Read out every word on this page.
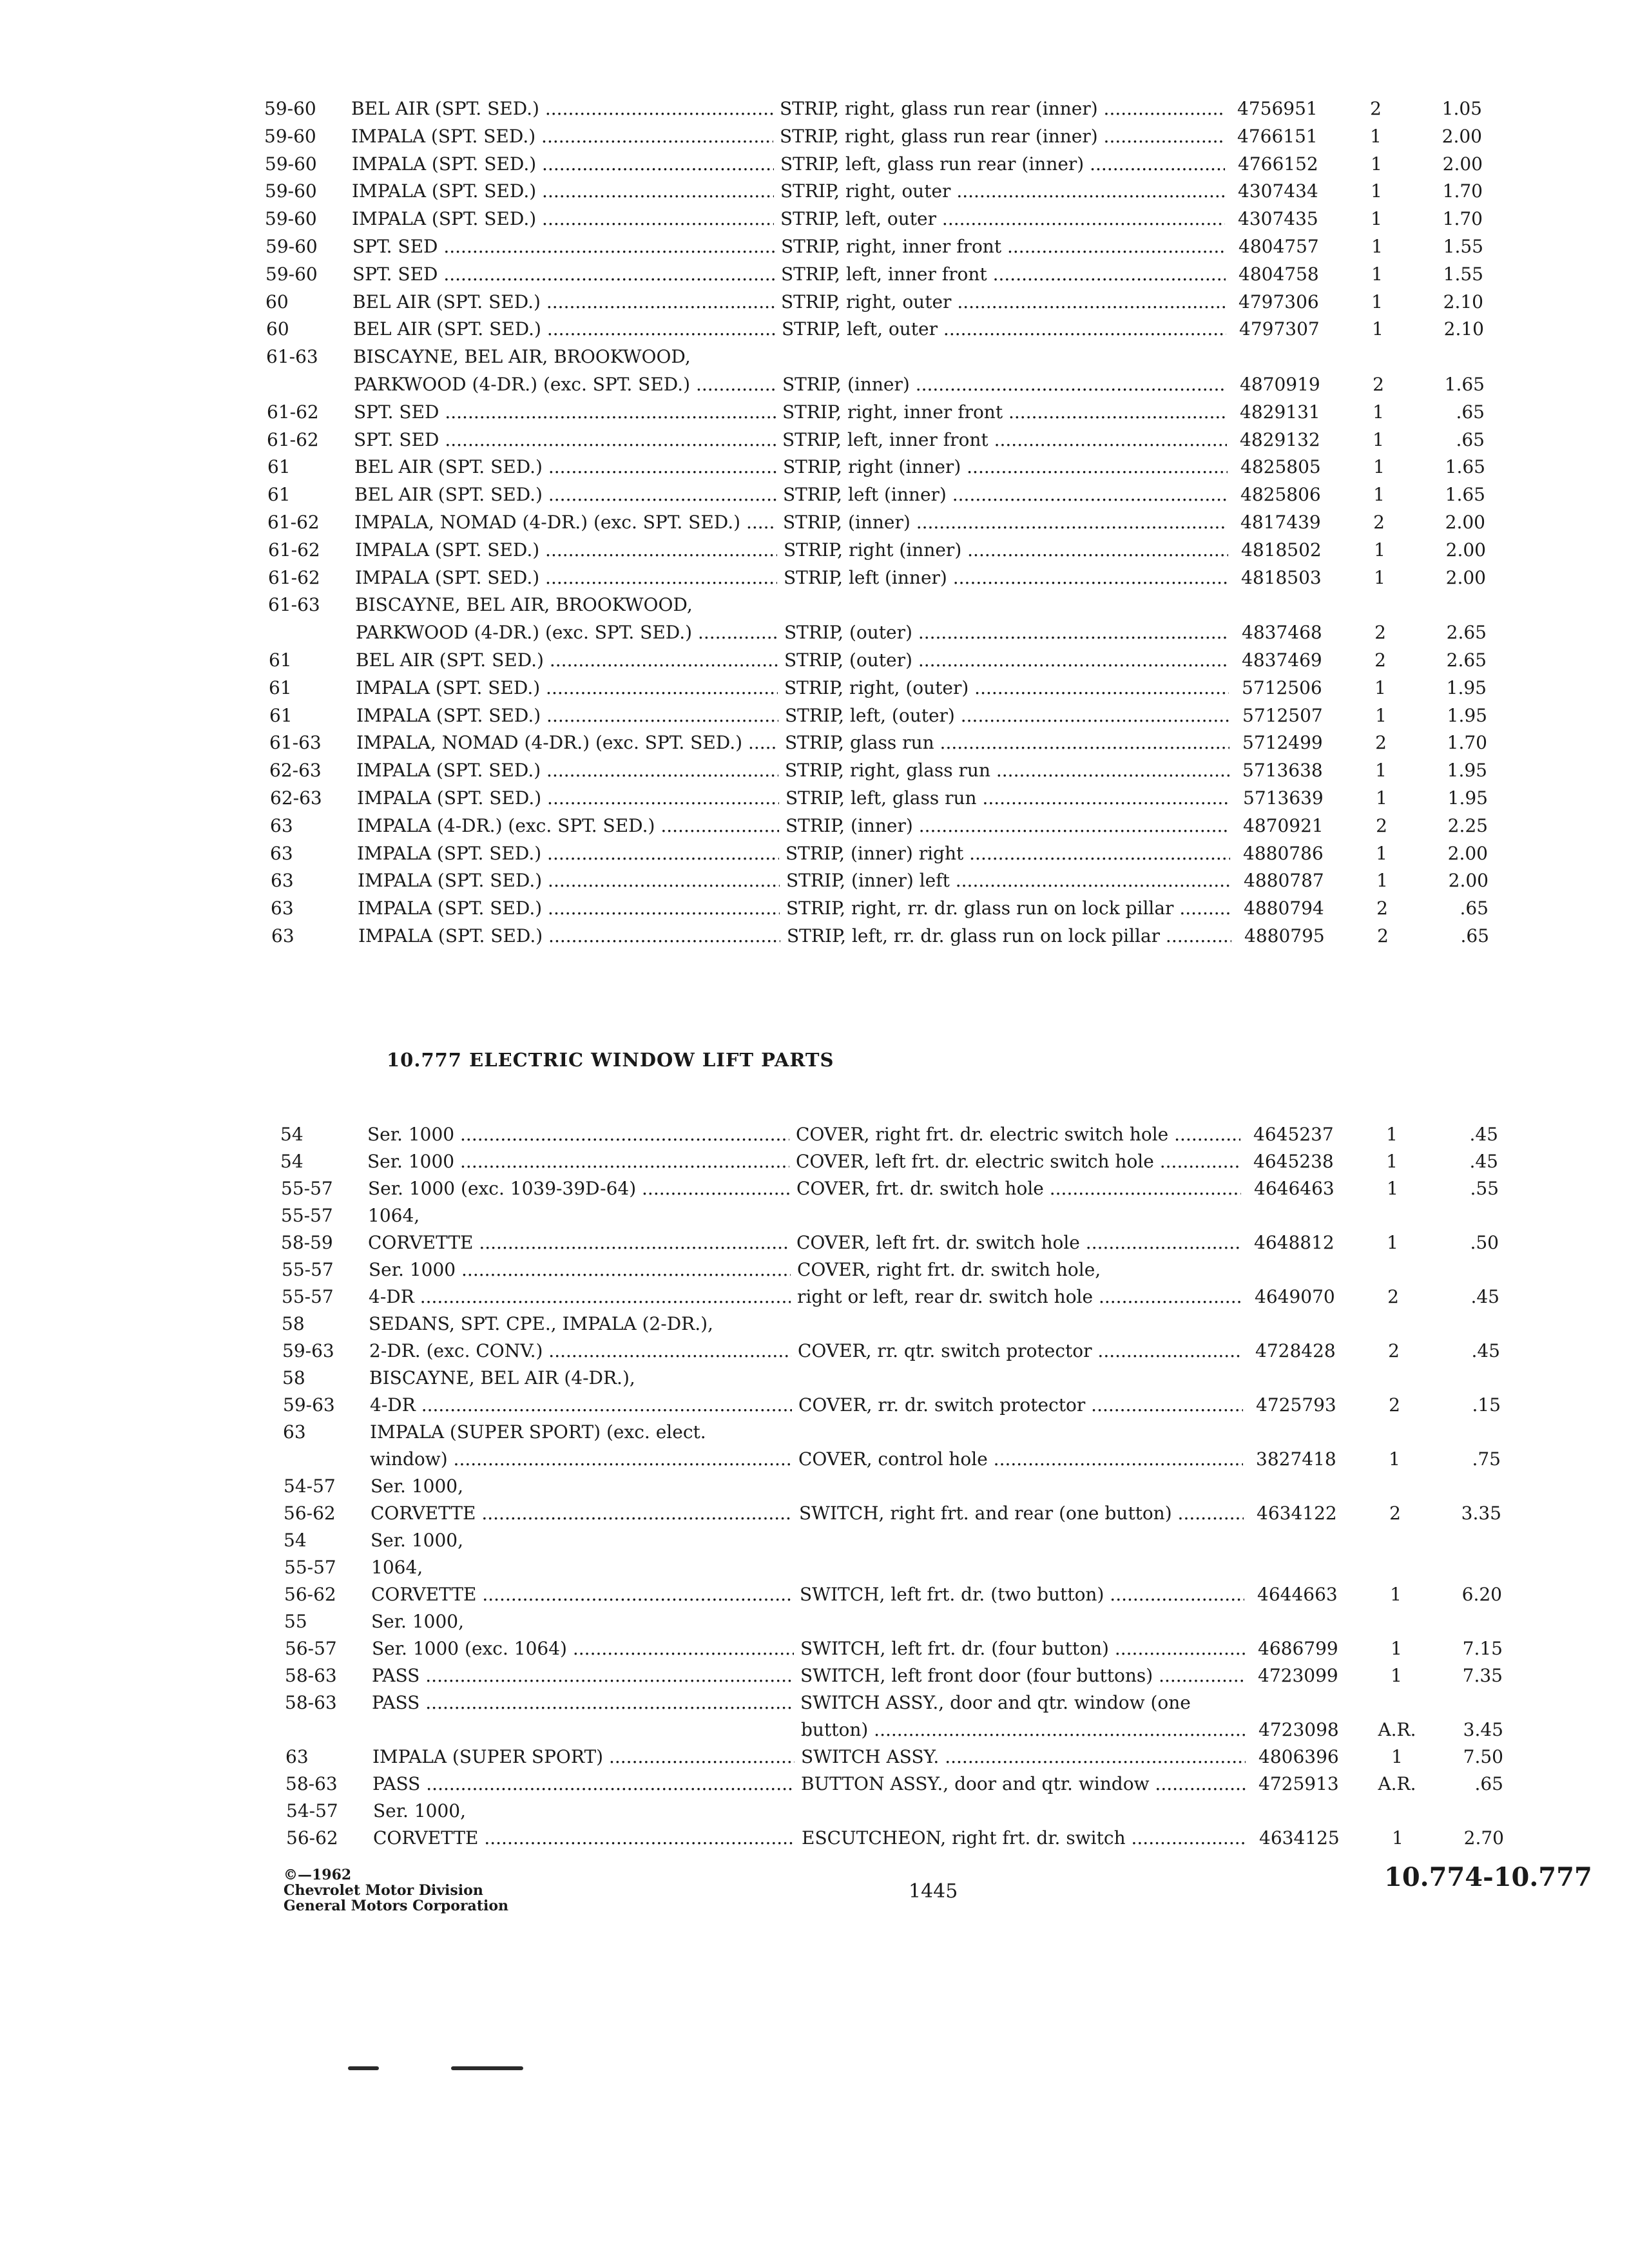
59-60	BEL AIR (SPT. SED.) .....	STRIP, right, glass run rear (inner) .....	4756951	2	1.05
59-60	IMPALA (SPT. SED.) .....	STRIP, right, glass run rear (inner) .....	4766151	1	2.00
59-60	IMPALA (SPT. SED.) .....	STRIP, left, glass run rear (inner) .....	4766152	1	2.00
59-60	IMPALA (SPT. SED.) .....	STRIP, right, outer .....	4307434	1	1.70
59-60	IMPALA (SPT. SED.) .....	STRIP, left, outer .....	4307435	1	1.70
59-60	SPT. SED .....	STRIP, right, inner front .....	4804757	1	1.55
59-60	SPT. SED .....	STRIP, left, inner front .....	4804758	1	1.55
60	BEL AIR (SPT. SED.) .....	STRIP, right, outer .....	4797306	1	2.10
60	BEL AIR (SPT. SED.) .....	STRIP, left, outer .....	4797307	1	2.10
61-63	BISCAYNE, BEL AIR, BROOKWOOD,
PARKWOOD (4-DR.) (exc. SPT. SED.) .....	STRIP, (inner) .....	4870919	2	1.65
61-62	SPT. SED .....	STRIP, right, inner front .....	4829131	1	.65
61-62	SPT. SED .....	STRIP, left, inner front .....	4829132	1	.65
61	BEL AIR (SPT. SED.) .....	STRIP, right (inner) .....	4825805	1	1.65
61	BEL AIR (SPT. SED.) .....	STRIP, left (inner) .....	4825806	1	1.65
61-62	IMPALA, NOMAD (4-DR.) (exc. SPT. SED.) .....	STRIP, (inner) .....	4817439	2	2.00
61-62	IMPALA (SPT. SED.) .....	STRIP, right (inner) .....	4818502	1	2.00
61-62	IMPALA (SPT. SED.) .....	STRIP, left (inner) .....	4818503	1	2.00
61-63	BISCAYNE, BEL AIR, BROOKWOOD,
PARKWOOD (4-DR.) (exc. SPT. SED.) .....	STRIP, (outer) .....	4837468	2	2.65
61	BEL AIR (SPT. SED.) .....	STRIP, (outer) .....	4837469	2	2.65
61	IMPALA (SPT. SED.) .....	STRIP, right, (outer) .....	5712506	1	1.95
61	IMPALA (SPT. SED.) .....	STRIP, left, (outer) .....	5712507	1	1.95
61-63	IMPALA, NOMAD (4-DR.) (exc. SPT. SED.) .....	STRIP, glass run .....	5712499	2	1.70
62-63	IMPALA (SPT. SED.) .....	STRIP, right, glass run .....	5713638	1	1.95
62-63	IMPALA (SPT. SED.) .....	STRIP, left, glass run .....	5713639	1	1.95
63	IMPALA (4-DR.) (exc. SPT. SED.) .....	STRIP, (inner) .....	4870921	2	2.25
63	IMPALA (SPT. SED.) .....	STRIP, (inner) right .....	4880786	1	2.00
63	IMPALA (SPT. SED.) .....	STRIP, (inner) left .....	4880787	1	2.00
63	IMPALA (SPT. SED.) .....	STRIP, right, rr. dr. glass run on lock pillar .....	4880794	2	.65
63	IMPALA (SPT. SED.) .....	STRIP, left, rr. dr. glass run on lock pillar .....	4880795	2	.65
10.777 ELECTRIC WINDOW LIFT PARTS
54	Ser. 1000 .....	COVER, right frt. dr. electric switch hole .....	4645237	1	.45
54	Ser. 1000 .....	COVER, left frt. dr. electric switch hole .....	4645238	1	.45
55-57	Ser. 1000 (exc. 1039-39D-64) .....	COVER, frt. dr. switch hole .....	4646463	1	.55
55-57	1064,
58-59	CORVETTE .....	COVER, left frt. dr. switch hole .....	4648812	1	.50
55-57	Ser. 1000 .....	COVER, right frt. dr. switch hole,
55-57	4-DR .....	right or left, rear dr. switch hole .....	4649070	2	.45
58	SEDANS, SPT. CPE., IMPALA (2-DR.),
59-63	2-DR. (exc. CONV.) .....	COVER, rr. qtr. switch protector .....	4728428	2	.45
58	BISCAYNE, BEL AIR (4-DR.),
59-63	4-DR .....	COVER, rr. dr. switch protector .....	4725793	2	.15
63	IMPALA (SUPER SPORT) (exc. elect.
window) .....	COVER, control hole .....	3827418	1	.75
54-57	Ser. 1000,
56-62	CORVETTE .....	SWITCH, right frt. and rear (one button) .....	4634122	2	3.35
54	Ser. 1000,
55-57	1064,
56-62	CORVETTE .....	SWITCH, left frt. dr. (two button) .....	4644663	1	6.20
55	Ser. 1000,
56-57	Ser. 1000 (exc. 1064) .....	SWITCH, left frt. dr. (four button) .....	4686799	1	7.15
58-63	PASS .....	SWITCH, left front door (four buttons) .....	4723099	1	7.35
58-63	PASS .....	SWITCH ASSY., door and qtr. window (one
button) .....	4723098	A.R.	3.45
63	IMPALA (SUPER SPORT) .....	SWITCH ASSY. .....	4806396	1	7.50
58-63	PASS .....	BUTTON ASSY., door and qtr. window .....	4725913	A.R.	.65
54-57	Ser. 1000,
56-62	CORVETTE .....	ESCUTCHEON, right frt. dr. switch .....	4634125	1	2.70
©—1962
Chevrolet Motor Division
General Motors Corporation
1445	10.774-10.777
